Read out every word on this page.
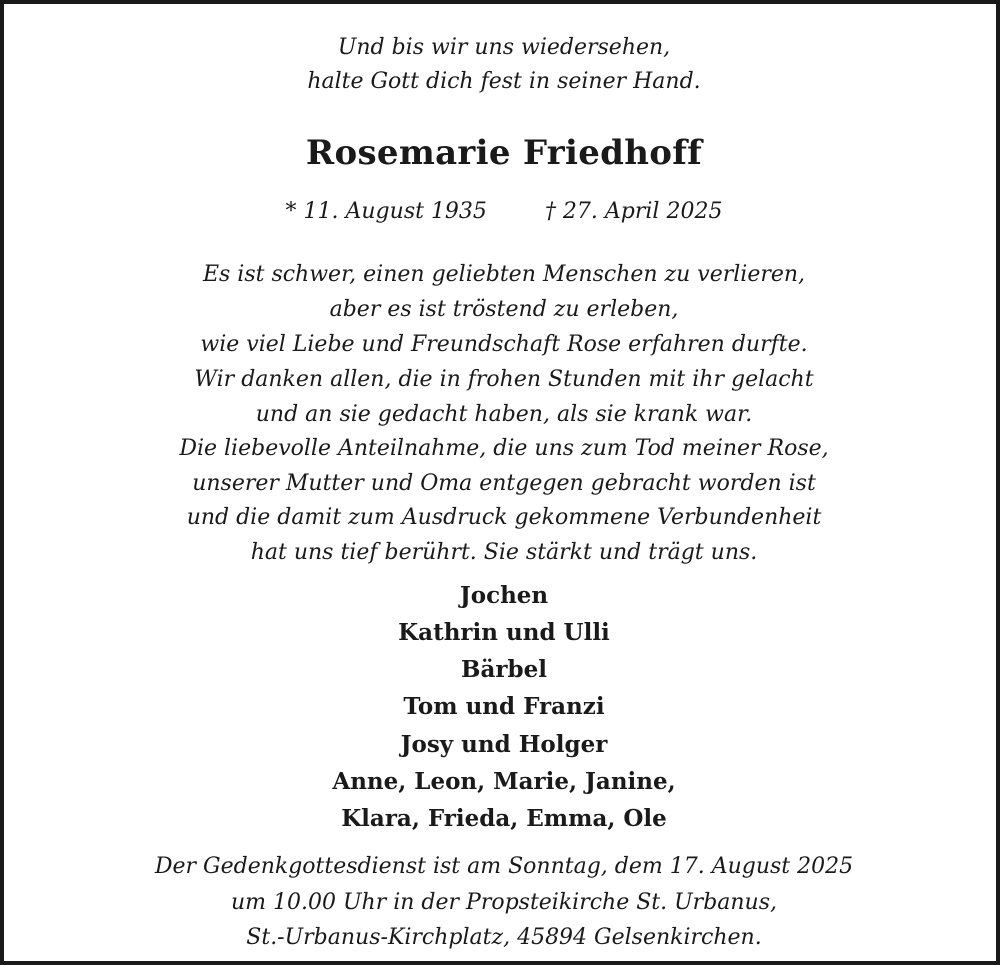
Und bis wir uns wiedersehen,
halte Gott dich fest in seiner Hand.
Rosemarie Friedhoff
* 11. August 1935	† 27. April 2025
Es ist schwer, einen geliebten Menschen zu verlieren,
aber es ist tröstend zu erleben,
wie viel Liebe und Freundschaft Rose erfahren durfte.
Wir danken allen, die in frohen Stunden mit ihr gelacht
und an sie gedacht haben, als sie krank war.
Die liebevolle Anteilnahme, die uns zum Tod meiner Rose,
unserer Mutter und Oma entgegen gebracht worden ist
und die damit zum Ausdruck gekommene Verbundenheit
hat uns tief berührt. Sie stärkt und trägt uns.
Jochen
Kathrin und Ulli
Bärbel
Tom und Franzi
Josy und Holger
Anne, Leon, Marie, Janine,
Klara, Frieda, Emma, Ole
Der Gedenkgottesdienst ist am Sonntag, dem 17. August 2025
um 10.00 Uhr in der Propsteikirche St. Urbanus,
St.-Urbanus-Kirchplatz, 45894 Gelsenkirchen.
